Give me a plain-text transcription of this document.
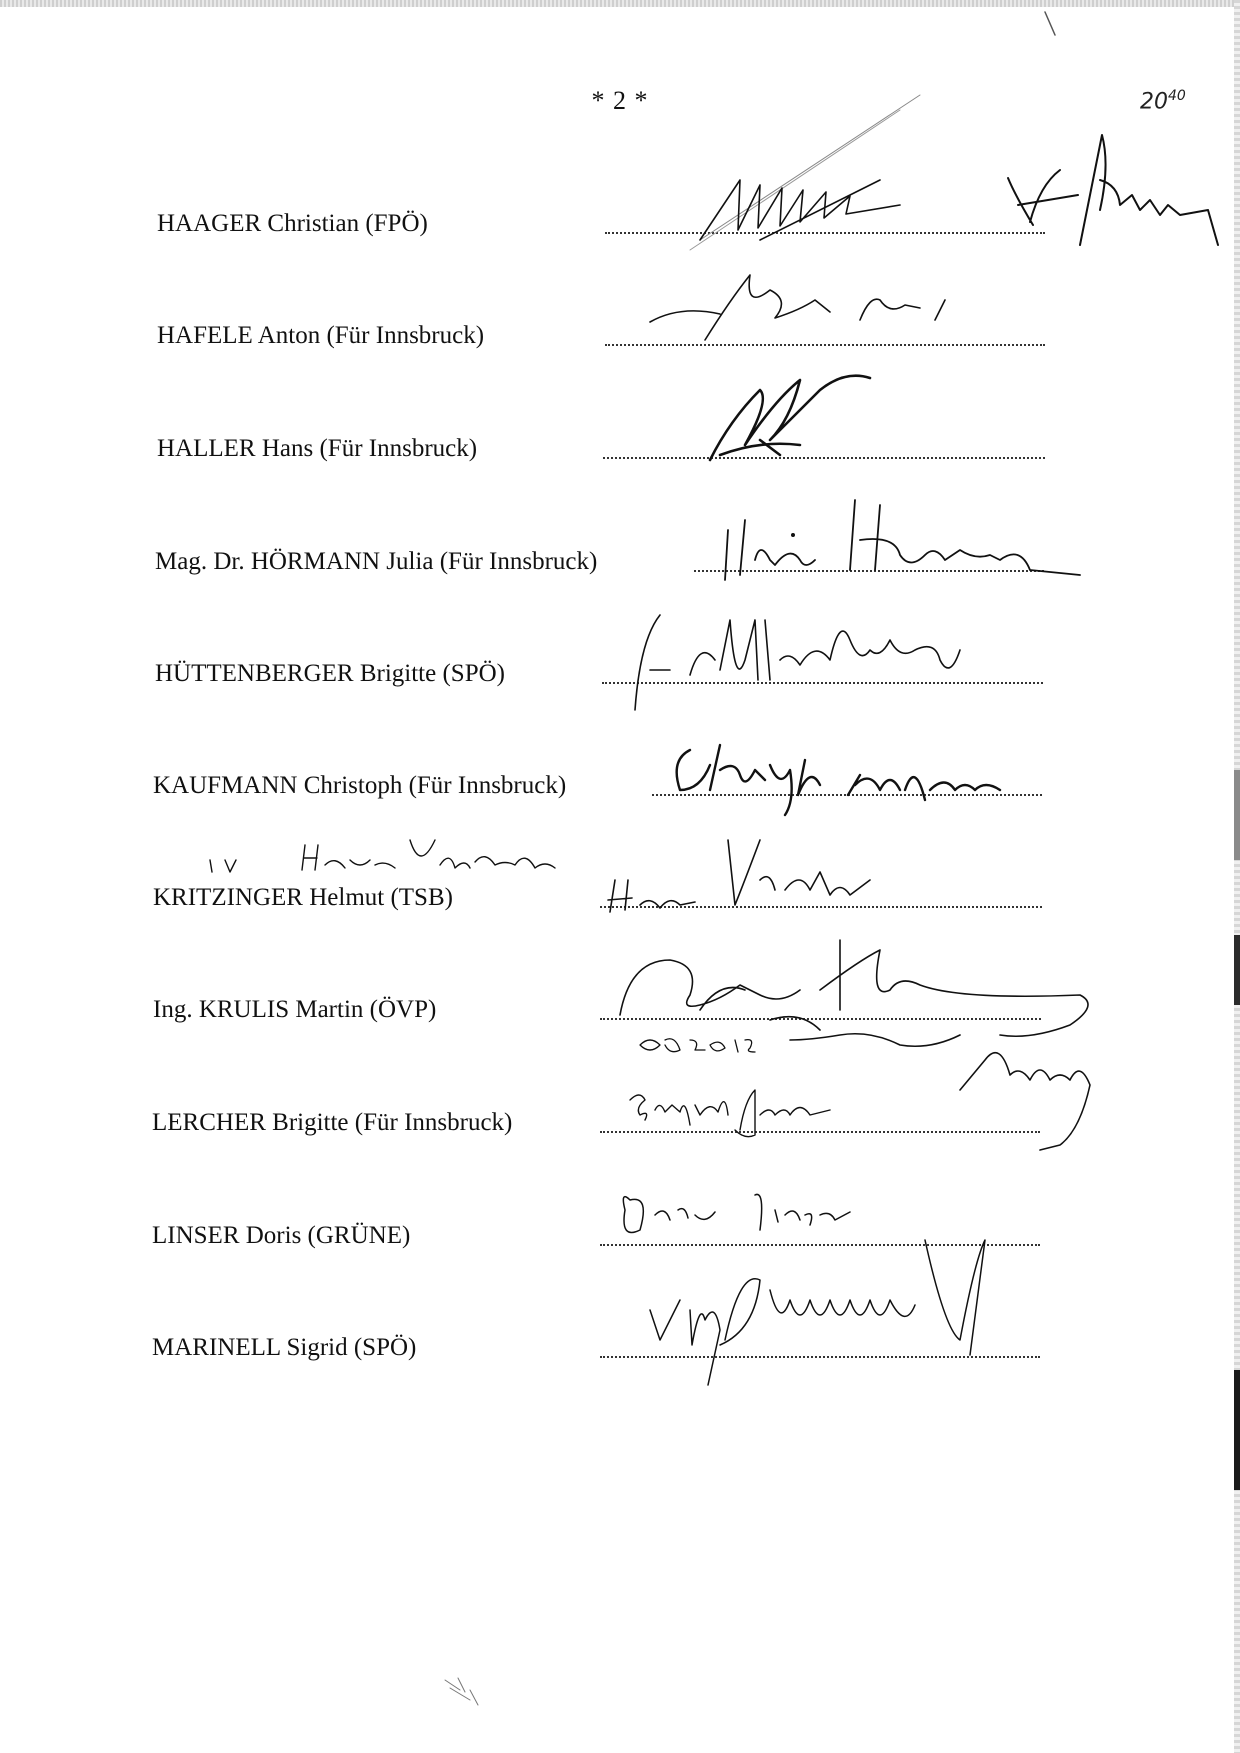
* 2 *	$20^{40}$
HAAGER Christian (FPÖ)
HAFELE Anton (Für Innsbruck)
HALLER Hans (Für Innsbruck)
Mag. Dr. HÖRMANN Julia (Für Innsbruck)
HÜTTENBERGER Brigitte (SPÖ)
KAUFMANN Christoph (Für Innsbruck)
KRITZINGER Helmut (TSB)
Ing. KRULIS Martin (ÖVP)
LERCHER Brigitte (Für Innsbruck)
LINSER Doris (GRÜNE)
MARINELL Sigrid (SPÖ)
